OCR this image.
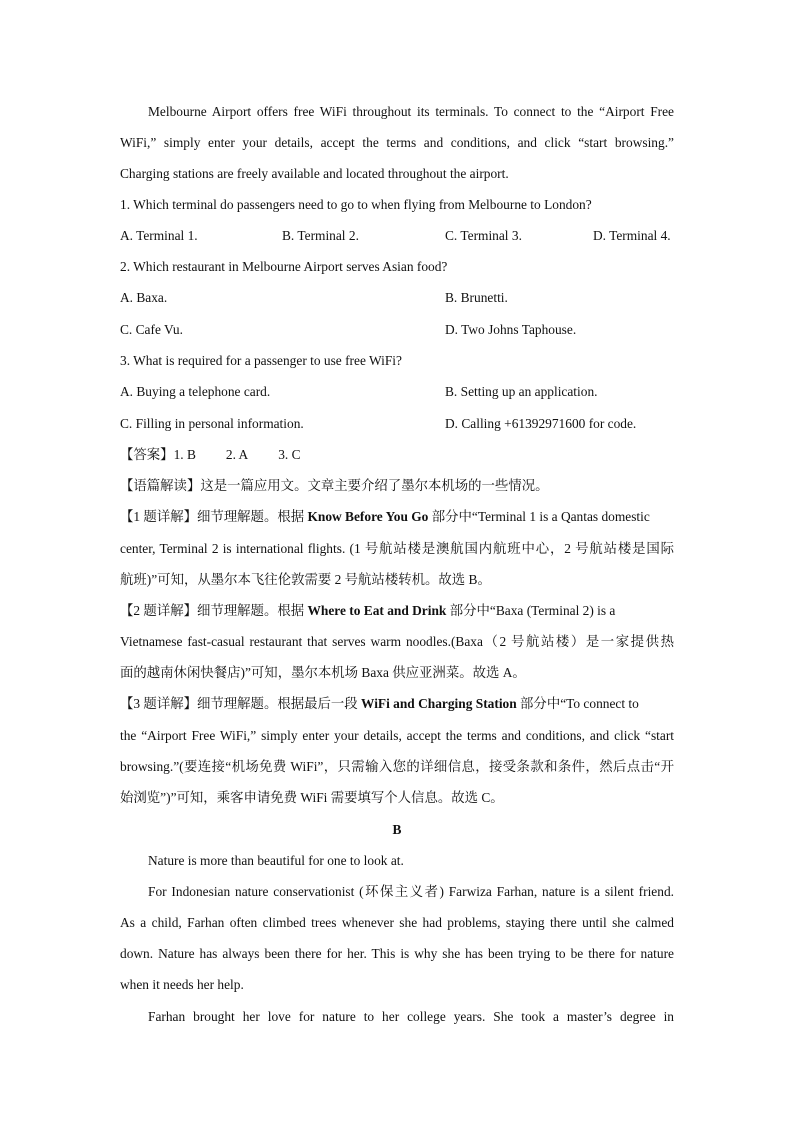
Melbourne Airport offers free WiFi throughout its terminals. To connect to the “Airport Free
WiFi,” simply enter your details, accept the terms and conditions, and click “start browsing.”
Charging stations are freely available and located throughout the airport.
1. Which terminal do passengers need to go to when flying from Melbourne to London?
A. Terminal 1.	B. Terminal 2.	C. Terminal 3.	D. Terminal 4.
2. Which restaurant in Melbourne Airport serves Asian food?
A. Baxa.	B. Brunetti.
C. Cafe Vu.	D. Two Johns Taphouse.
3. What is required for a passenger to use free WiFi?
A. Buying a telephone card.	B. Setting up an application.
C. Filling in personal information.	D. Calling +61392971600 for code.
【答案】1. B 2. A 3. C
【语篇解读】这是一篇应用文。文章主要介绍了墨尔本机场的一些情况。
【1 题详解】细节理解题。根据 Know Before You Go 部分中“Terminal 1 is a Qantas domestic
center, Terminal 2 is international flights. (1 号航站楼是澳航国内航班中心，2 号航站楼是国际
航班)”可知，从墨尔本飞往伦敦需要 2 号航站楼转机。故选 B。
【2 题详解】细节理解题。根据 Where to Eat and Drink 部分中“Baxa (Terminal 2) is a
Vietnamese fast-casual restaurant that serves warm noodles.(Baxa（2 号航站楼）是一家提供热
面的越南休闲快餐店)”可知，墨尔本机场 Baxa 供应亚洲菜。故选 A。
【3 题详解】细节理解题。根据最后一段 WiFi and Charging Station 部分中“To connect to
the “Airport Free WiFi,” simply enter your details, accept the terms and conditions, and click “start
browsing.”(要连接“机场免费 WiFi”，只需输入您的详细信息，接受条款和条件，然后点击“开
始浏览”)”可知，乘客申请免费 WiFi 需要填写个人信息。故选 C。
B
Nature is more than beautiful for one to look at.
For Indonesian nature conservationist (环保主义者) Farwiza Farhan, nature is a silent friend.
As a child, Farhan often climbed trees whenever she had problems, staying there until she calmed
down. Nature has always been there for her. This is why she has been trying to be there for nature
when it needs her help.
Farhan brought her love for nature to her college years. She took a master’s degree in
